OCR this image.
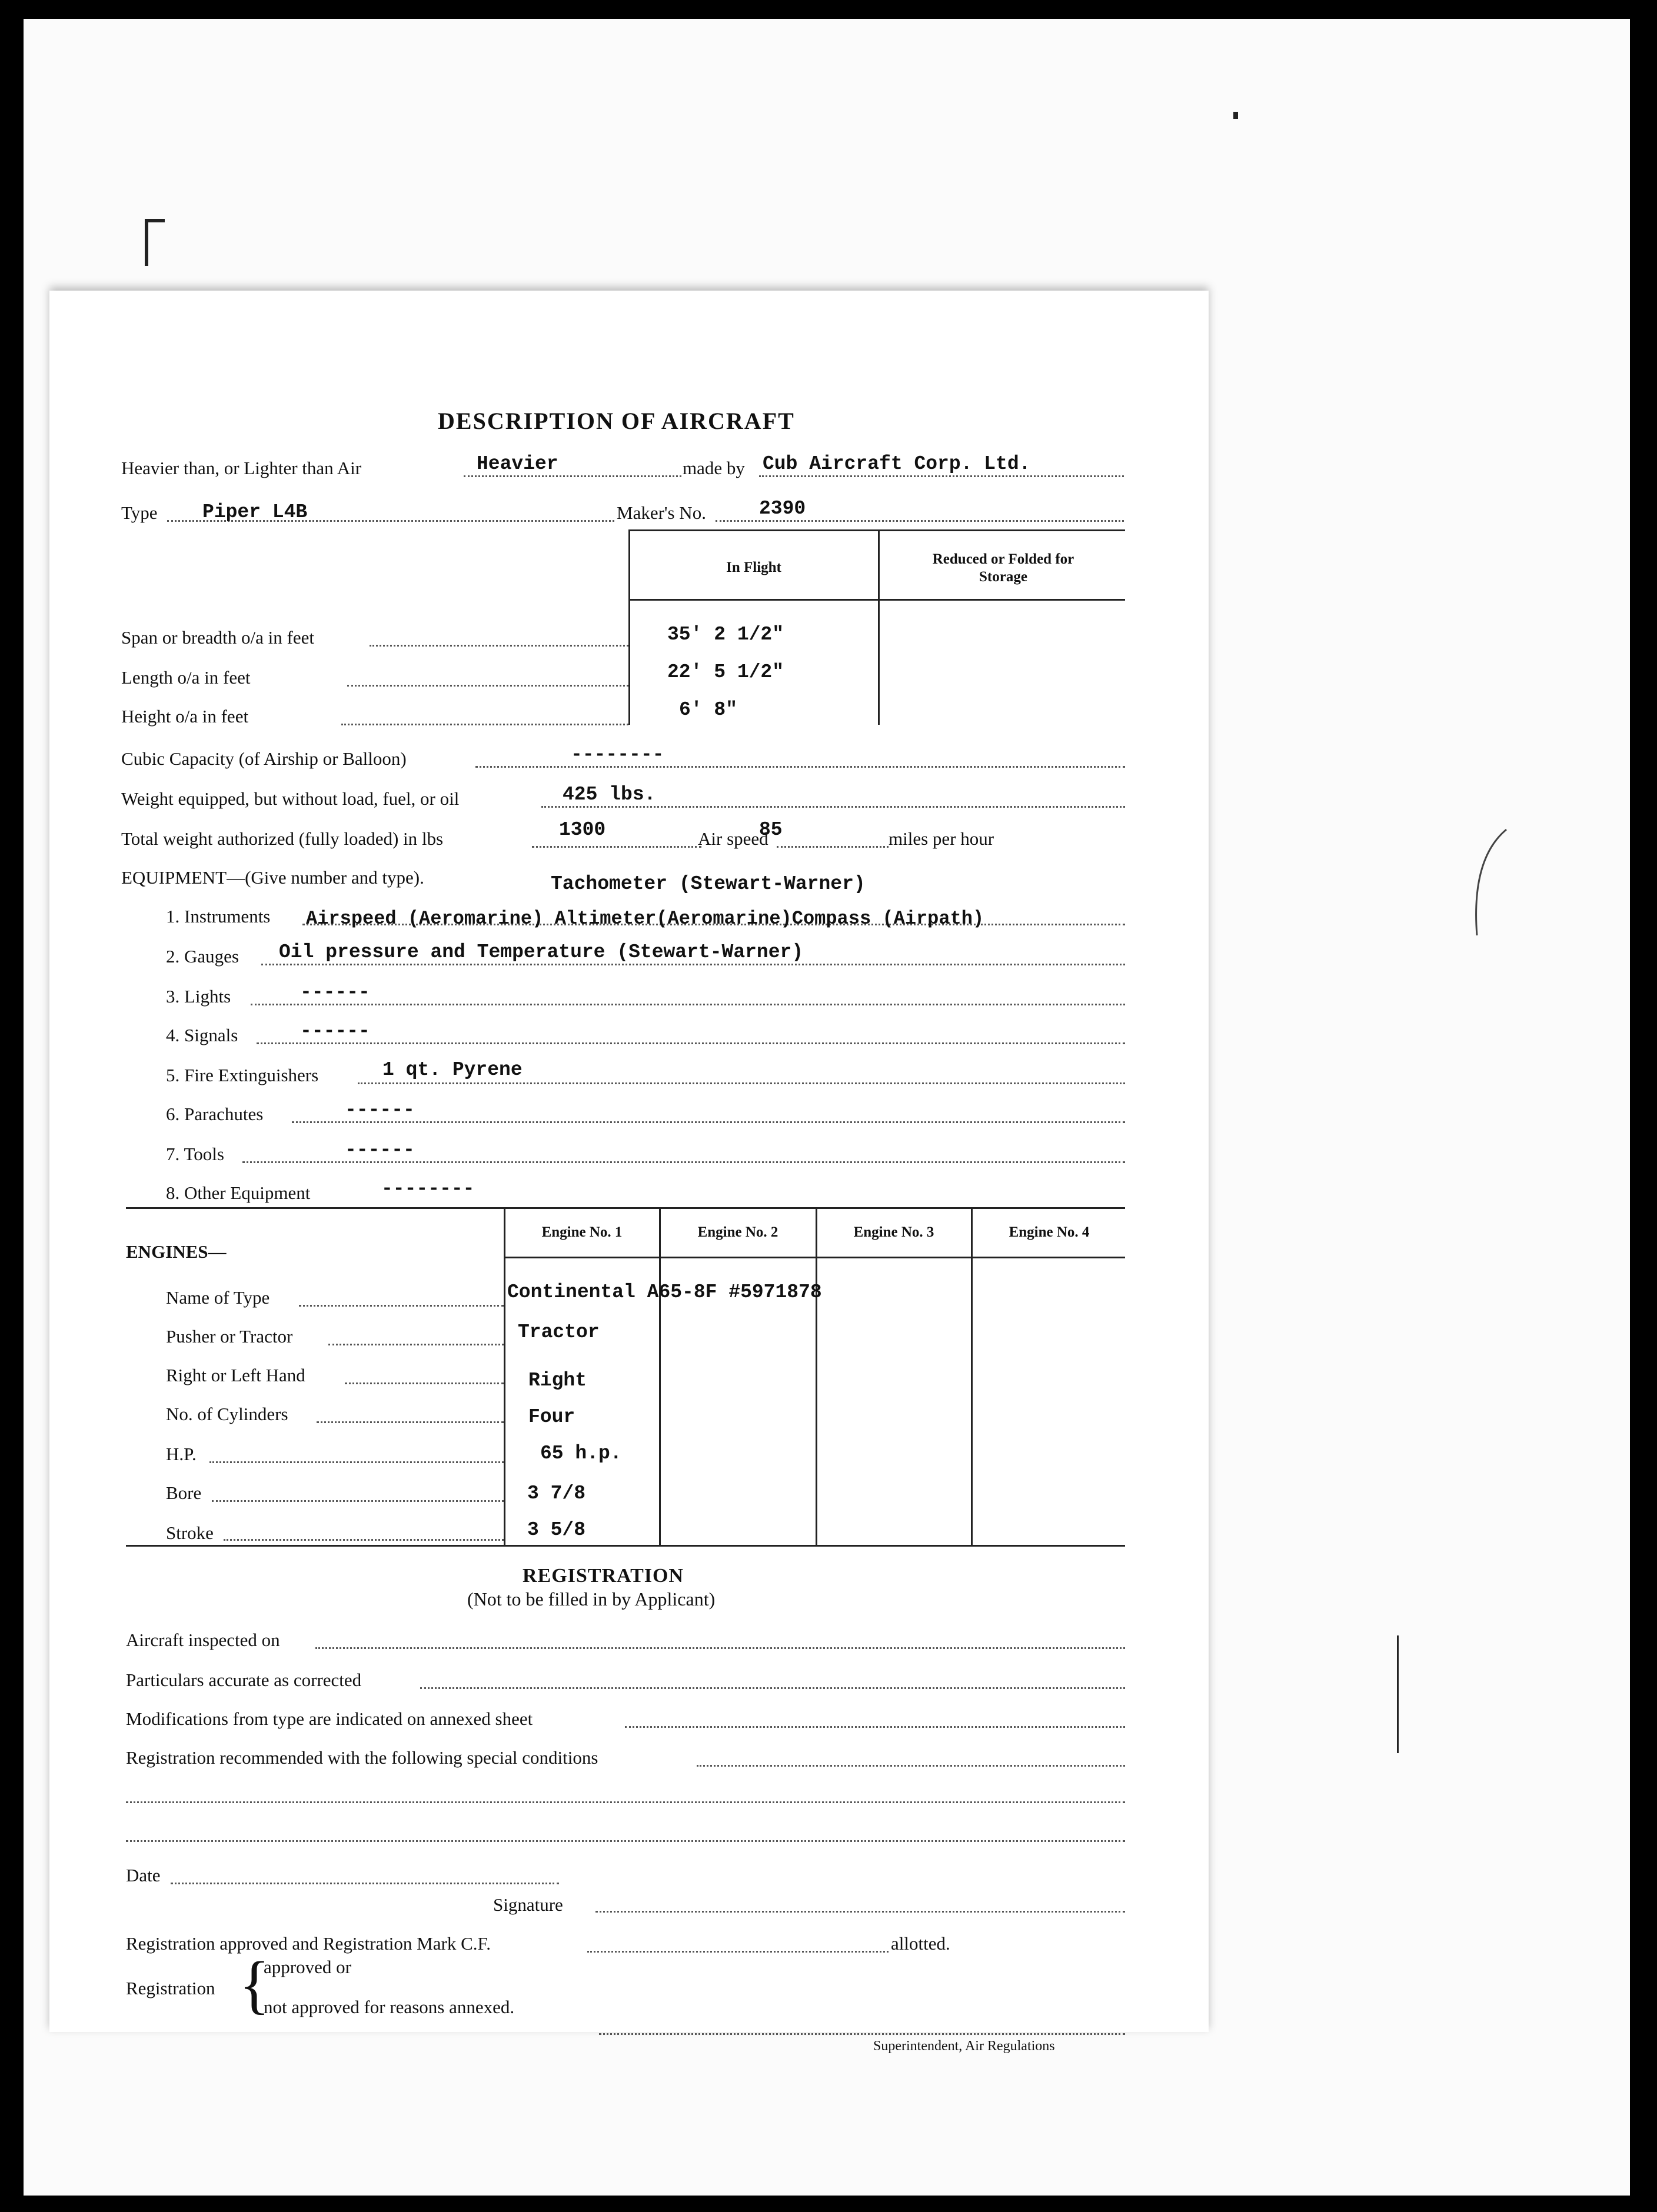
DESCRIPTION OF AIRCRAFT
Heavier than, or Lighter than Air	Heavier	made by Cub Aircraft Corp. Ltd.
Type Piper L4B	Maker's No.	2390
In Flight
Reduced or Folded for Storage
Span or breadth o/a in feet	35' 2 1/2"
Length o/a in feet	22' 5 1/2"
Height o/a in feet	6' 8"
Cubic Capacity (of Airship or Balloon)	--------
Weight equipped, but without load, fuel, or oil	425 lbs.
Total weight authorized (fully loaded) in lbs	1300	Air speed
85	miles per hour
EQUIPMENT—(Give number and type).	Tachometer (Stewart-Warner)
1. Instruments Airspeed (Aeromarine) Altimeter(Aeromarine)Compass (Airpath)
2. Gauges Oil pressure and Temperature (Stewart-Warner)
3. Lights	------
4. Signals	------
5. Fire Extinguishers	1 qt. Pyrene
6. Parachutes	------
7. Tools	------
8. Other Equipment	--------
ENGINES—
Engine No. 1	Engine No. 2	Engine No. 3	Engine No. 4
Name of Type	Continental A65-8F #5971878
Pusher or Tractor	Tractor
Right or Left Hand	Right
No. of Cylinders	Four
H.P.	65 h.p.
Bore	3 7/8
Stroke	3 5/8
REGISTRATION
(Not to be filled in by Applicant)
Aircraft inspected on
Particulars accurate as corrected
Modifications from type are indicated on annexed sheet
Registration recommended with the following special conditions
Date
Signature
Registration approved and Registration Mark C.F.	allotted.
Registration {
approved or
not approved for reasons annexed.
Superintendent, Air Regulations
